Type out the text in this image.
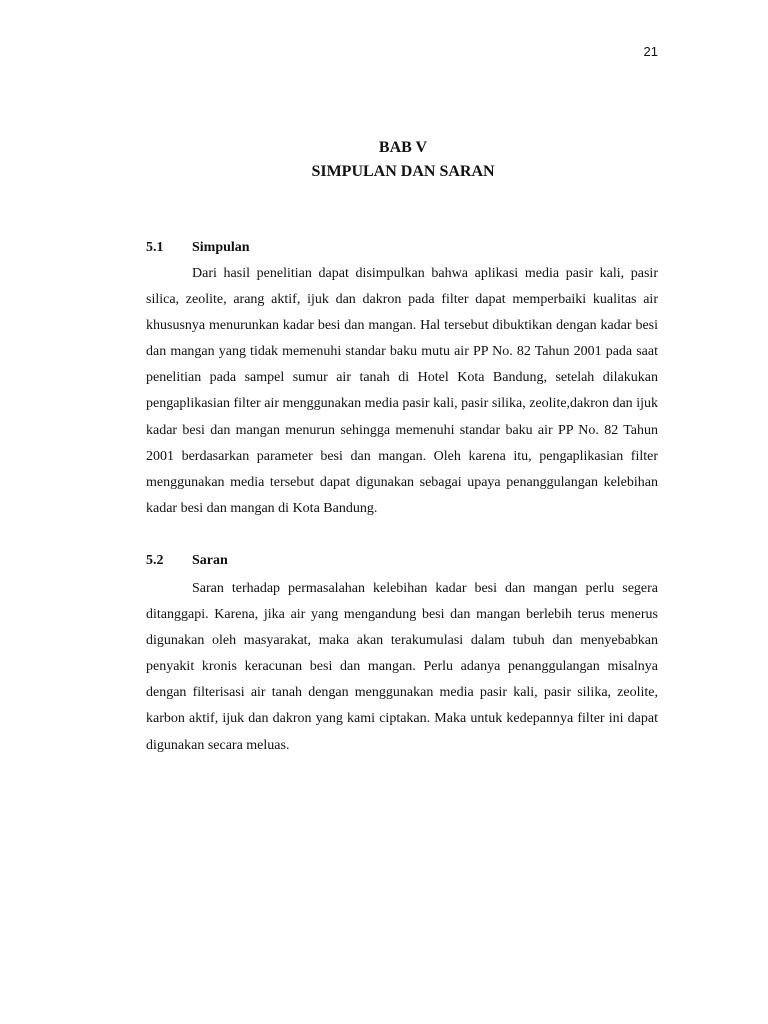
21
BAB V
SIMPULAN DAN SARAN
5.1 Simpulan

Dari hasil penelitian dapat disimpulkan bahwa aplikasi media pasir kali, pasir silica, zeolite, arang aktif, ijuk dan dakron pada filter dapat memperbaiki kualitas air khususnya menurunkan kadar besi dan mangan. Hal tersebut dibuktikan dengan kadar besi dan mangan yang tidak memenuhi standar baku mutu air PP No. 82 Tahun 2001 pada saat penelitian pada sampel sumur air tanah di Hotel Kota Bandung, setelah dilakukan pengaplikasian filter air menggunakan media pasir kali, pasir silika, zeolite,dakron dan ijuk kadar besi dan mangan menurun sehingga memenuhi standar baku air PP No. 82 Tahun 2001 berdasarkan parameter besi dan mangan. Oleh karena itu, pengaplikasian filter menggunakan media tersebut dapat digunakan sebagai upaya penanggulangan kelebihan kadar besi dan mangan di Kota Bandung.

5.2 Saran

Saran terhadap permasalahan kelebihan kadar besi dan mangan perlu segera ditanggapi. Karena, jika air yang mengandung besi dan mangan berlebih terus menerus digunakan oleh masyarakat, maka akan terakumulasi dalam tubuh dan menyebabkan penyakit kronis keracunan besi dan mangan. Perlu adanya penanggulangan misalnya dengan filterisasi air tanah dengan menggunakan media pasir kali, pasir silika, zeolite, karbon aktif, ijuk dan dakron yang kami ciptakan. Maka untuk kedepannya filter ini dapat digunakan secara meluas.
